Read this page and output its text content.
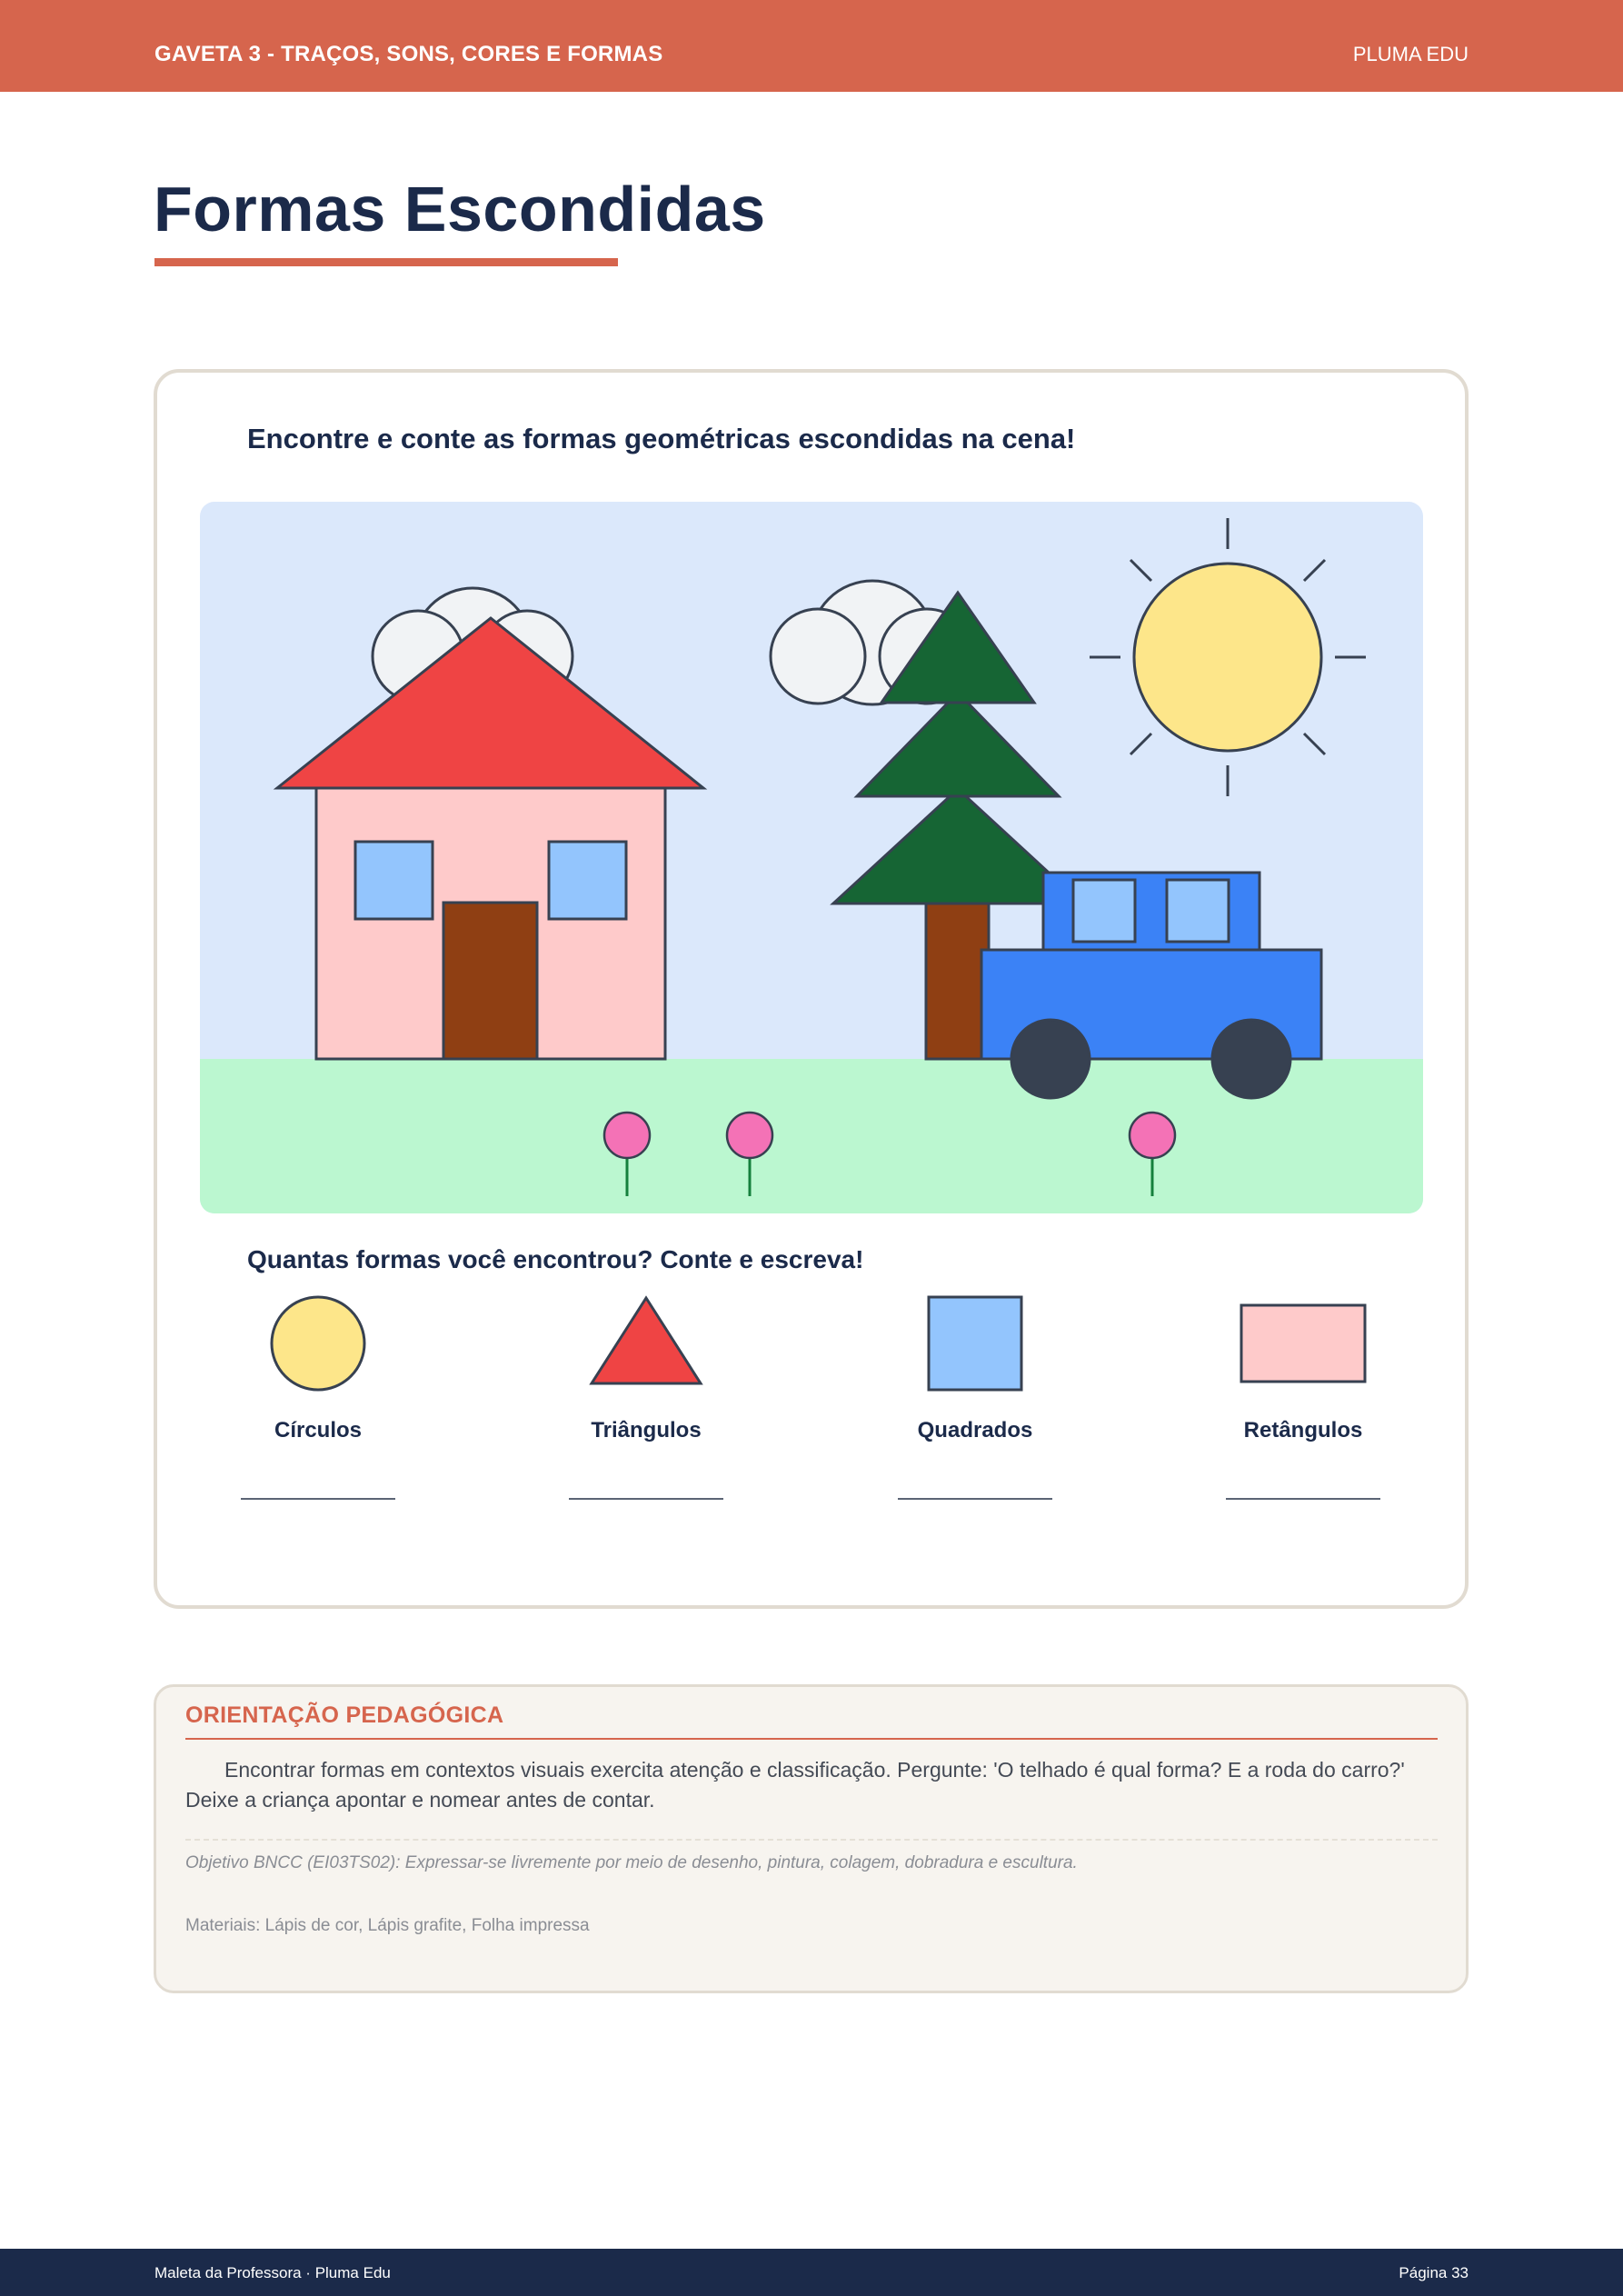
GAVETA 3 - TRAÇOS, SONS, CORES E FORMAS	PLUMA EDU
Formas Escondidas
Encontre e conte as formas geométricas escondidas na cena!
Quantas formas você encontrou? Conte e escreva!
Círculos	Triângulos	Quadrados	Retângulos
ORIENTAÇÃO PEDAGÓGICA

Encontrar formas em contextos visuais exercita atenção e classificação. Pergunte: 'O telhado é qual forma? E a roda do carro?' Deixe a criança apontar e nomear antes de contar.

Objetivo BNCC (EI03TS02): Expressar-se livremente por meio de desenho, pintura, colagem, dobradura e escultura.
Materiais: Lápis de cor, Lápis grafite, Folha impressa
Maleta da Professora · Pluma Edu	Página 33
